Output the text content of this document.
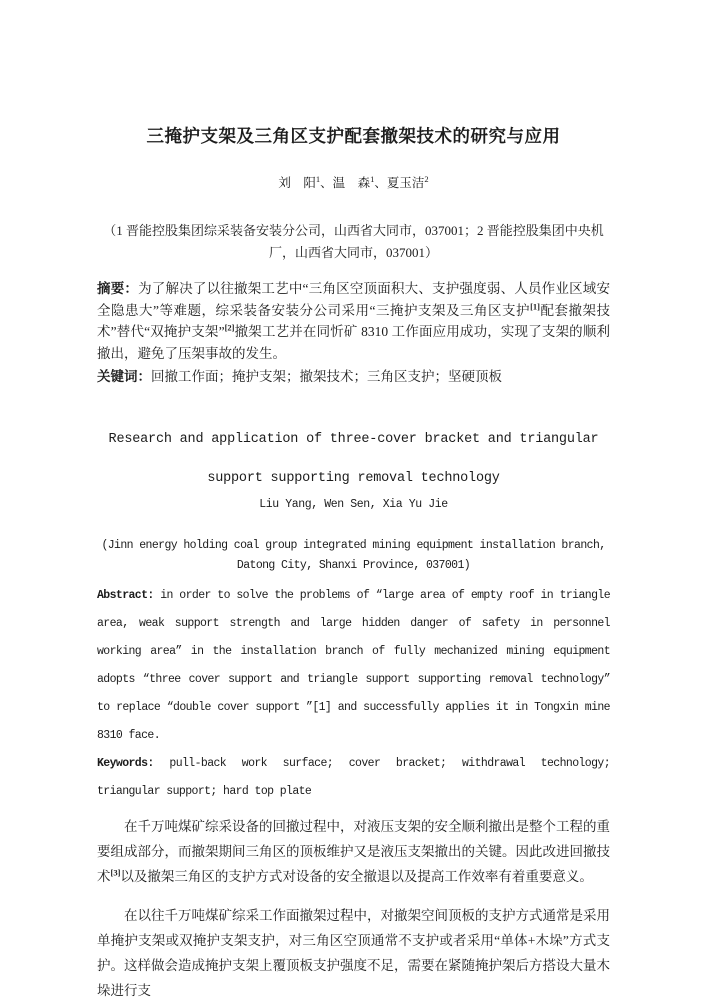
三掩护支架及三角区支护配套撤架技术的研究与应用
刘　阳$^1$、温　森$^1$、夏玉洁$^2$
（1 晋能控股集团综采装备安装分公司，山西省大同市，037001；2 晋能控股集团中央机厂，山西省大同市，037001）

摘要：为了解决了以往撤架工艺中“三角区空顶面积大、支护强度弱、人员作业区域安全隐患大”等难题，综采装备安装分公司采用“三掩护支架及三角区支护[1]配套撤架技术”替代“双掩护支架”[2]撤架工艺并在同忻矿 8310 工作面应用成功，实现了支架的顺利撤出，避免了压架事故的发生。

关键词：回撤工作面；掩护支架；撤架技术；三角区支护；坚硬顶板

Research and application of three-cover bracket and triangular support supporting removal technology
Liu Yang, Wen Sen, Xia Yu Jie
(Jinn energy holding coal group integrated mining equipment installation branch, Datong City, Shanxi Province, 037001)

Abstract: in order to solve the problems of “large area of empty roof in triangle area, weak support strength and large hidden danger of safety in personnel working area” in the installation branch of fully mechanized mining equipment adopts “three cover support and triangle support supporting removal technology” to replace “double cover support ”[1] and successfully applies it in Tongxin mine 8310 face.

Keywords: pull-back work surface; cover bracket; withdrawal technology; triangular support; hard top plate

在千万吨煤矿综采设备的回撤过程中，对液压支架的安全顺利撤出是整个工程的重要组成部分，而撤架期间三角区的顶板维护又是液压支架撤出的关键。因此改进回撤技术[3]以及撤架三角区的支护方式对设备的安全撤退以及提高工作效率有着重要意义。

在以往千万吨煤矿综采工作面撤架过程中，对撤架空间顶板的支护方式通常是采用单掩护支架或双掩护支架支护，对三角区空顶通常不支护或者采用“单体+木垛”方式支护。这样做会造成掩护支架上覆顶板支护强度不足，需要在紧随掩护架后方搭设大量木垛进行支
